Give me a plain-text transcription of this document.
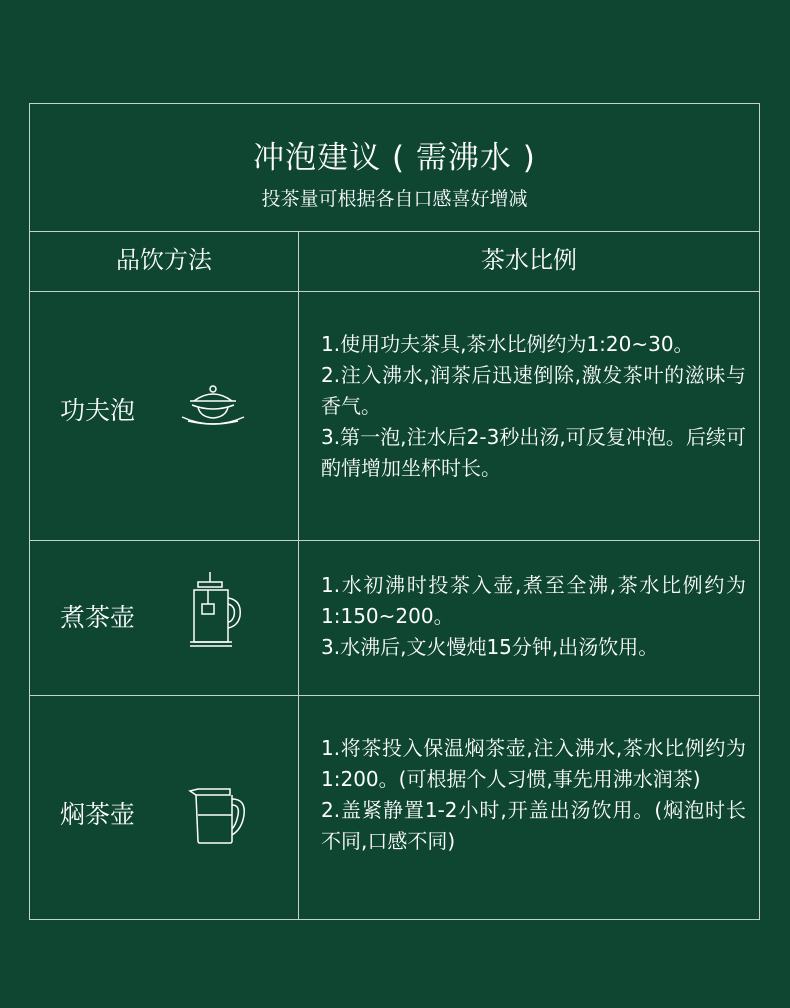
冲泡建议 ( 需沸水 )
投茶量可根据各自口感喜好增减
品饮方法	茶水比例
功夫泡
1.使用功夫茶具,茶水比例约为1:20~30。
2.注入沸水,润茶后迅速倒除,激发茶叶的滋味与香气。
3.第一泡,注水后2-3秒出汤,可反复冲泡。后续可酌情增加坐杯时长。
煮茶壶
1.水初沸时投茶入壶,煮至全沸,茶水比例约为1:150~200。
3.水沸后,文火慢炖15分钟,出汤饮用。
焖茶壶
1.将茶投入保温焖茶壶,注入沸水,茶水比例约为1:200。(可根据个人习惯,事先用沸水润茶)
2.盖紧静置1-2小时,开盖出汤饮用。(焖泡时长不同,口感不同)
